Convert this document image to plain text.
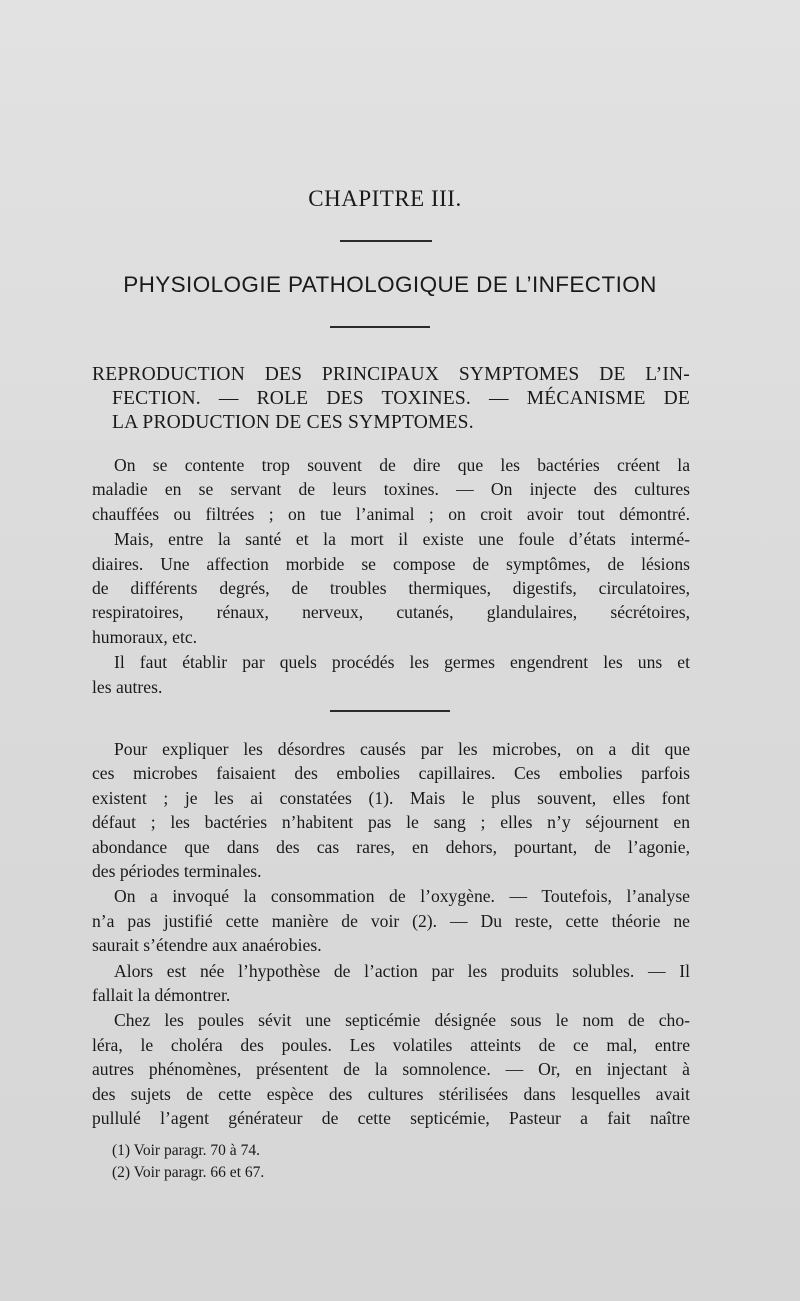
CHAPITRE III.
PHYSIOLOGIE PATHOLOGIQUE DE L’INFECTION
REPRODUCTION DES PRINCIPAUX SYMPTOMES DE L’IN-
FECTION. — ROLE DES TOXINES. — MÉCANISME DE
LA PRODUCTION DE CES SYMPTOMES.
On se contente trop souvent de dire que les bactéries créent la
maladie en se servant de leurs toxines. — On injecte des cultures
chauffées ou filtrées ; on tue l’animal ; on croit avoir tout démontré.
Mais, entre la santé et la mort il existe une foule d’états intermé-
diaires. Une affection morbide se compose de symptômes, de lésions
de différents degrés, de troubles thermiques, digestifs, circulatoires,
respiratoires, rénaux, nerveux, cutanés, glandulaires, sécrétoires,
humoraux, etc.
Il faut établir par quels procédés les germes engendrent les uns et
les autres.
Pour expliquer les désordres causés par les microbes, on a dit que
ces microbes faisaient des embolies capillaires. Ces embolies parfois
existent ; je les ai constatées (1). Mais le plus souvent, elles font
défaut ; les bactéries n’habitent pas le sang ; elles n’y séjournent en
abondance que dans des cas rares, en dehors, pourtant, de l’agonie,
des périodes terminales.
On a invoqué la consommation de l’oxygène. — Toutefois, l’analyse
n’a pas justifié cette manière de voir (2). — Du reste, cette théorie ne
saurait s’étendre aux anaérobies.
Alors est née l’hypothèse de l’action par les produits solubles. — Il
fallait la démontrer.
Chez les poules sévit une septicémie désignée sous le nom de cho-
léra, le choléra des poules. Les volatiles atteints de ce mal, entre
autres phénomènes, présentent de la somnolence. — Or, en injectant à
des sujets de cette espèce des cultures stérilisées dans lesquelles avait
pullulé l’agent générateur de cette septicémie, Pasteur a fait naître
(1) Voir paragr. 70 à 74.
(2) Voir paragr. 66 et 67.
